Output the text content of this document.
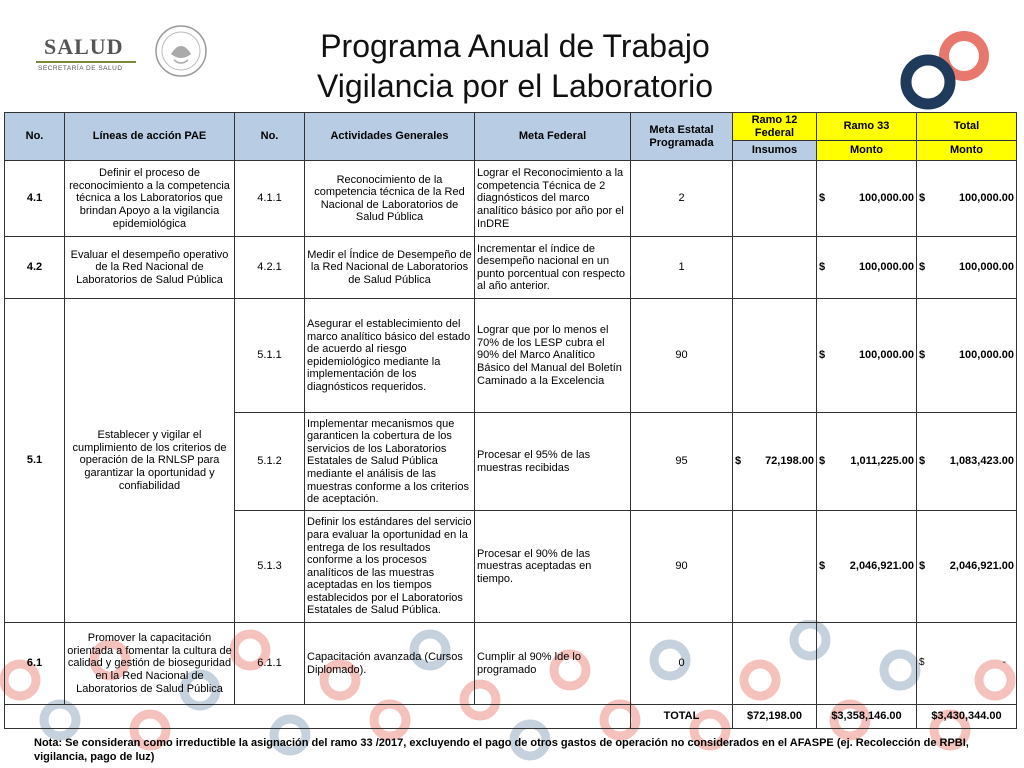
SALUD
SECRETARÍA DE SALUD
Programa Anual de Trabajo
Vigilancia por el Laboratorio
No.	Líneas de acción PAE	No.	Actividades Generales	Meta Federal	Meta Estatal Programada	Ramo 12 Federal	Ramo 33	Total
						Insumos	Monto	Monto
4.1	Definir el proceso de reconocimiento a la competencia técnica a los Laboratorios que brindan Apoyo a la vigilancia epidemiológica	4.1.1	Reconocimiento de la competencia técnica de la Red Nacional de Laboratorios de Salud Pública	Lograr el Reconocimiento a la competencia Técnica de 2 diagnósticos del marco analítico básico por año por el InDRE	2		$ 100,000.00	$ 100,000.00

4.2	Evaluar el desempeño operativo de la Red Nacional de Laboratorios de Salud Pública	4.2.1	Medir el Índice de Desempeño de la Red Nacional de Laboratorios de Salud Pública	Incrementar el índice de desempeño nacional en un punto porcentual con respecto al año anterior.	1		$ 100,000.00	$ 100,000.00

5.1	Establecer y vigilar el cumplimiento de los criterios de operación de la RNLSP para garantizar la oportunidad y confiabilidad	5.1.1	Asegurar el establecimiento del marco analítico básico del estado de acuerdo al riesgo epidemiológico mediante la implementación de los diagnósticos requeridos.	Lograr que por lo menos el 70% de los LESP cubra el 90% del Marco Analítico Básico del Manual del Boletín Caminado a la Excelencia	90		$ 100,000.00	$ 100,000.00

		5.1.2	Implementar mecanismos que garanticen la cobertura de los servicios de los Laboratorios Estatales de Salud Pública mediante el análisis de las muestras conforme a los criterios de aceptación.	Procesar el 95% de las muestras recibidas	95	$ 72,198.00	$ 1,011,225.00	$ 1,083,423.00

		5.1.3	Definir los estándares del servicio para evaluar la oportunidad en la entrega de los resultados conforme a los procesos analíticos de las muestras aceptadas en los tiempos establecidos por el Laboratorios Estatales de Salud Pública.	Procesar el 90% de las muestras aceptadas en tiempo.	90		$ 2,046,921.00	$ 2,046,921.00

6.1	Promover la capacitación orientada a fomentar la cultura de calidad y gestión de bioseguridad en la Red Nacional de Laboratorios de Salud Pública	6.1.1	Capacitación avanzada (Cursos Diplomado).	Cumplir al 90% lde lo programado	0			$ -

					TOTAL	$72,198.00	$3,358,146.00	$3,430,344.00
Nota: Se consideran como irreductible la asignación del ramo 33 /2017, excluyendo el pago de otros gastos de operación no considerados en el AFASPE (ej. Recolección de RPBI, vigilancia, pago de luz)
